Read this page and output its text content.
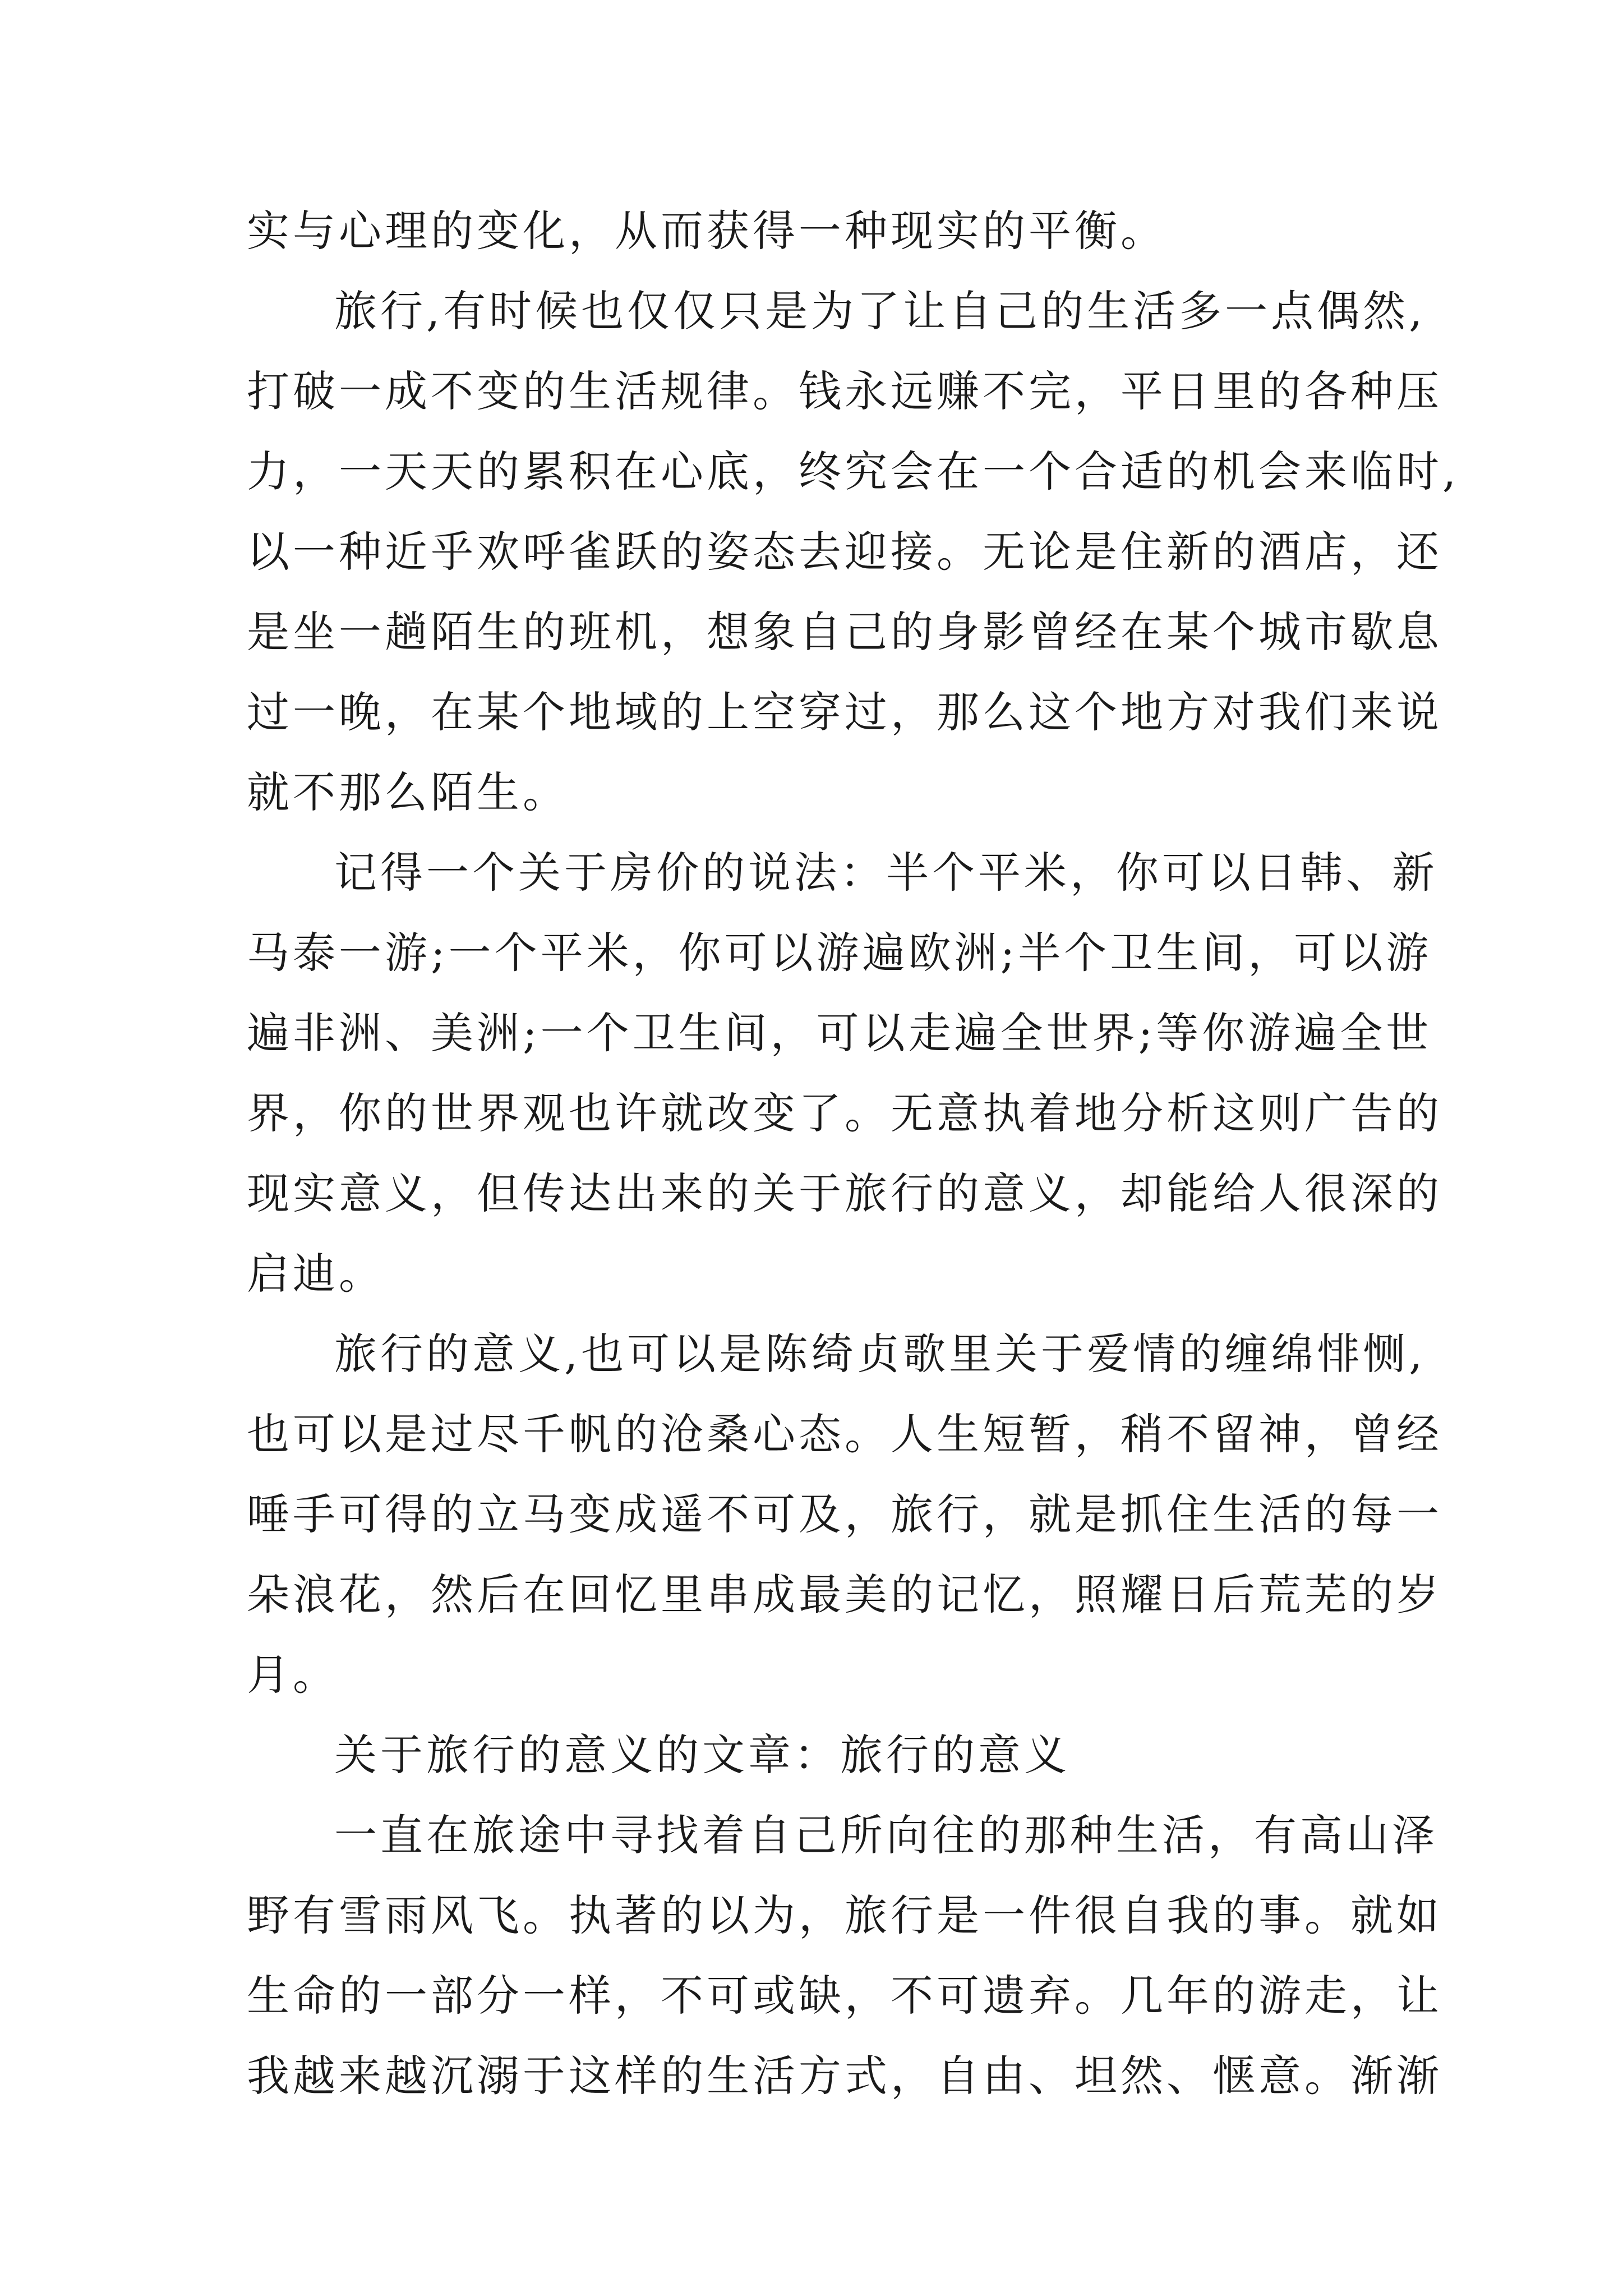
实与心理的变化，从而获得一种现实的平衡。
旅行,有时候也仅仅只是为了让自己的生活多一点偶然,
打破一成不变的生活规律。钱永远赚不完，平日里的各种压
力，一天天的累积在心底，终究会在一个合适的机会来临时,
以一种近乎欢呼雀跃的姿态去迎接。无论是住新的酒店，还
是坐一趟陌生的班机，想象自己的身影曾经在某个城市歇息
过一晚，在某个地域的上空穿过，那么这个地方对我们来说
就不那么陌生。
记得一个关于房价的说法：半个平米，你可以日韩、新
马泰一游;一个平米，你可以游遍欧洲;半个卫生间，可以游
遍非洲、美洲;一个卫生间，可以走遍全世界;等你游遍全世
界，你的世界观也许就改变了。无意执着地分析这则广告的
现实意义，但传达出来的关于旅行的意义，却能给人很深的
启迪。
旅行的意义,也可以是陈绮贞歌里关于爱情的缠绵悱恻,
也可以是过尽千帆的沧桑心态。人生短暂，稍不留神，曾经
唾手可得的立马变成遥不可及，旅行，就是抓住生活的每一
朵浪花，然后在回忆里串成最美的记忆，照耀日后荒芜的岁
月。
关于旅行的意义的文章：旅行的意义
一直在旅途中寻找着自己所向往的那种生活，有高山泽
野有雪雨风飞。执著的以为，旅行是一件很自我的事。就如
生命的一部分一样，不可或缺，不可遗弃。几年的游走，让
我越来越沉溺于这样的生活方式，自由、坦然、惬意。渐渐
